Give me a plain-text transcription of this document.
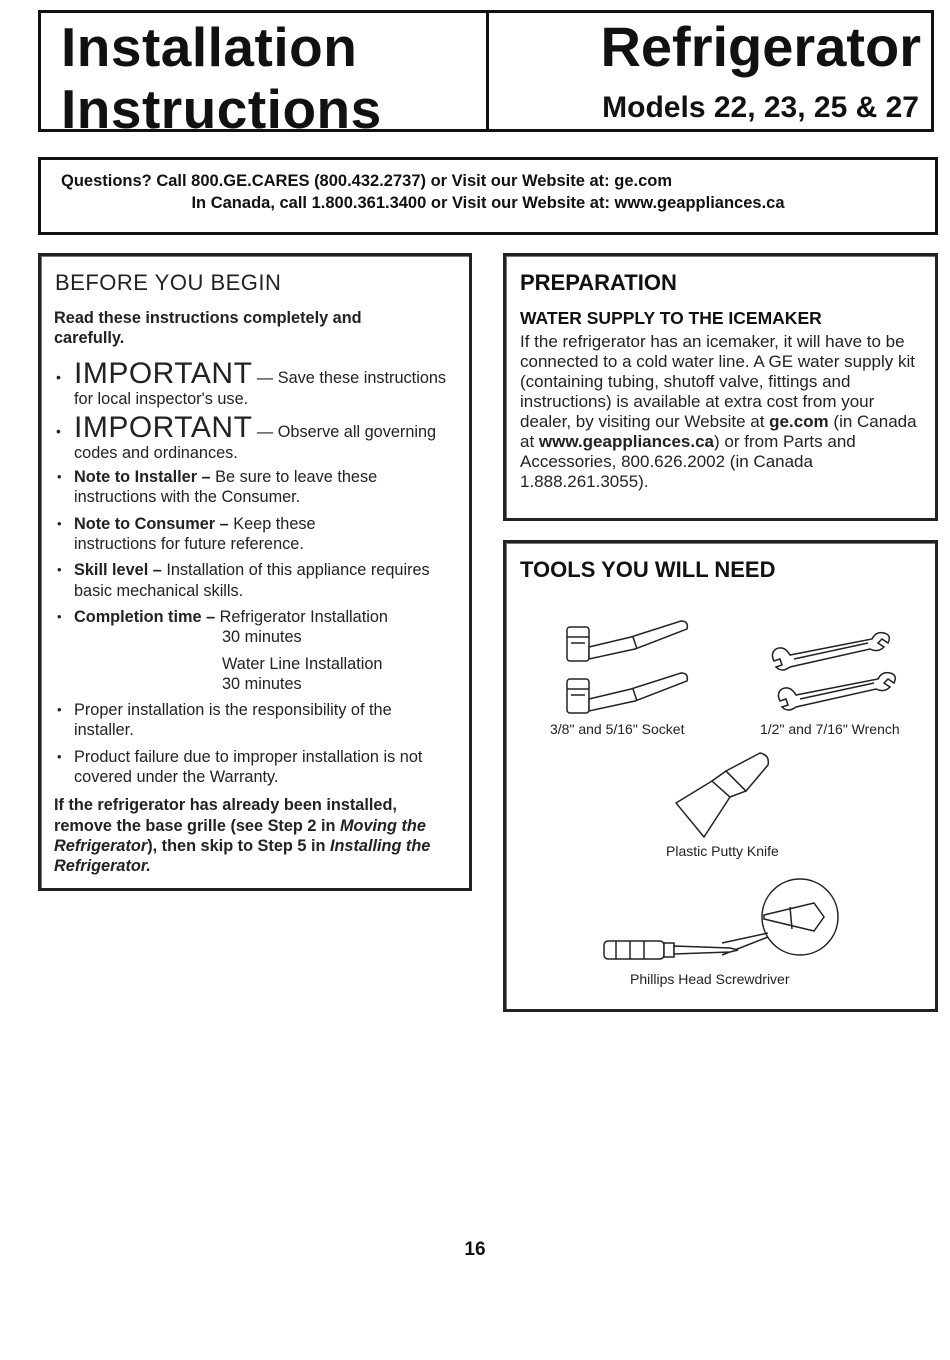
Installation
Instructions
Refrigerator
Models 22, 23, 25 & 27
Questions? Call 800.GE.CARES (800.432.2737) or Visit our Website at: ge.com
In Canada, call 1.800.361.3400 or Visit our Website at: www.geappliances.ca
BEFORE YOU BEGIN
Read these instructions completely and carefully.
• IMPORTANT — Save these instructions for local inspector's use.
• IMPORTANT — Observe all governing codes and ordinances.
• Note to Installer – Be sure to leave these instructions with the Consumer.
• Note to Consumer – Keep these instructions for future reference.
• Skill level – Installation of this appliance requires basic mechanical skills.
• Completion time – Refrigerator Installation
30 minutes
Water Line Installation
30 minutes
• Proper installation is the responsibility of the installer.
• Product failure due to improper installation is not covered under the Warranty.
If the refrigerator has already been installed, remove the base grille (see Step 2 in Moving the Refrigerator), then skip to Step 5 in Installing the Refrigerator.
PREPARATION
WATER SUPPLY TO THE ICEMAKER
If the refrigerator has an icemaker, it will have to be connected to a cold water line. A GE water supply kit (containing tubing, shutoff valve, fittings and instructions) is available at extra cost from your dealer, by visiting our Website at ge.com (in Canada at www.geappliances.ca) or from Parts and Accessories, 800.626.2002 (in Canada 1.888.261.3055).
TOOLS YOU WILL NEED
3/8" and 5/16" Socket	1/2" and 7/16" Wrench
Plastic Putty Knife
Phillips Head Screwdriver
16
